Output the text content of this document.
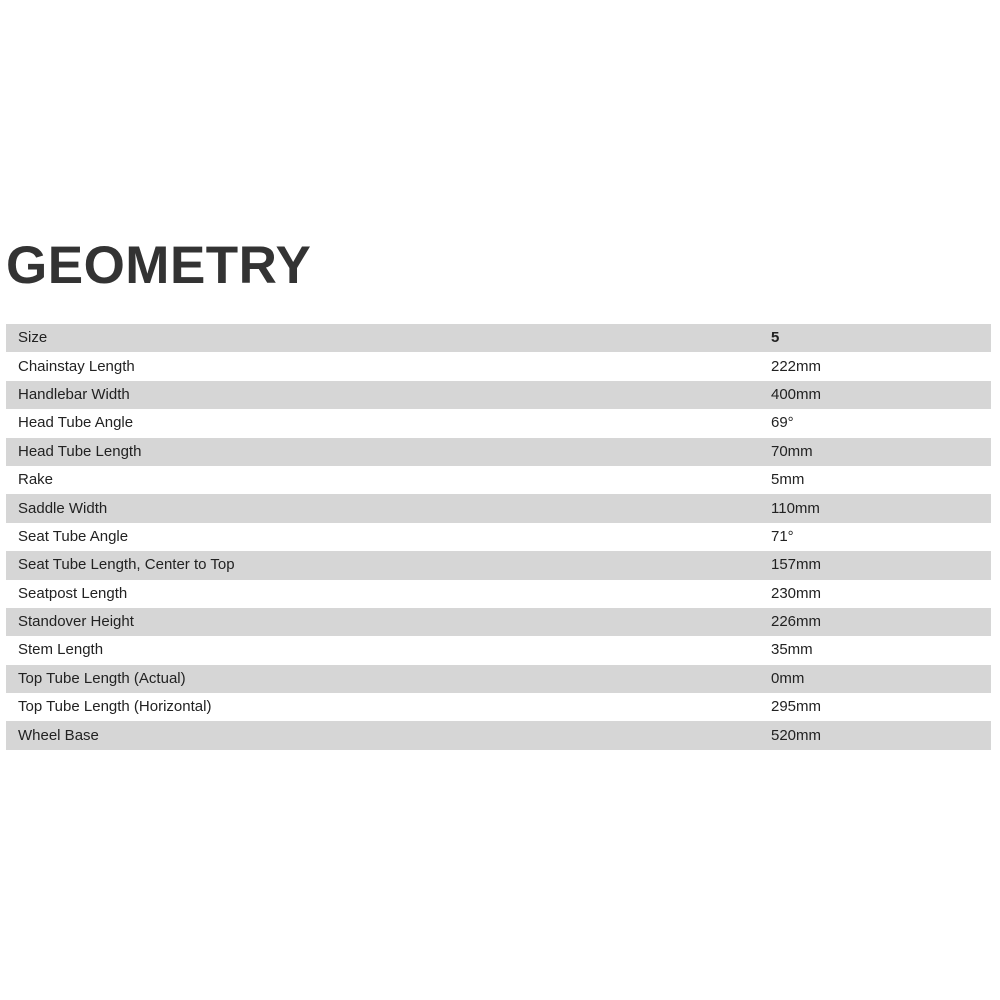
GEOMETRY
Size	5
Chainstay Length	222mm
Handlebar Width	400mm
Head Tube Angle	69°
Head Tube Length	70mm
Rake	5mm
Saddle Width	110mm
Seat Tube Angle	71°
Seat Tube Length, Center to Top	157mm
Seatpost Length	230mm
Standover Height	226mm
Stem Length	35mm
Top Tube Length (Actual)	0mm
Top Tube Length (Horizontal)	295mm
Wheel Base	520mm
